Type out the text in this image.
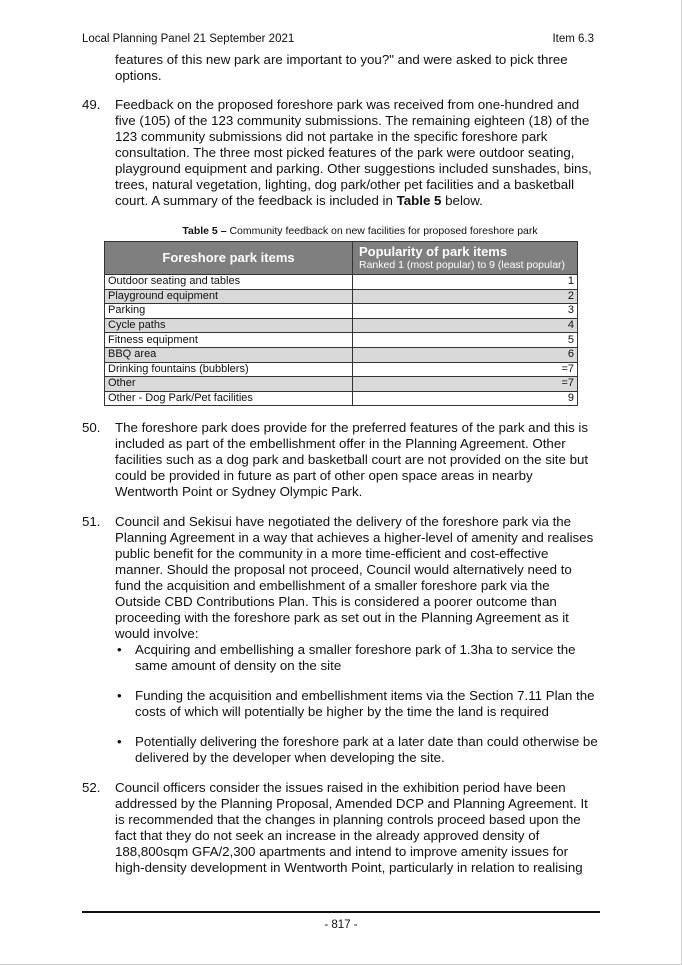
Local Planning Panel 21 September 2021	Item 6.3

features of this new park are important to you?" and were asked to pick three options.

49. Feedback on the proposed foreshore park was received from one-hundred and five (105) of the 123 community submissions. The remaining eighteen (18) of the 123 community submissions did not partake in the specific foreshore park consultation. The three most picked features of the park were outdoor seating, playground equipment and parking. Other suggestions included sunshades, bins, trees, natural vegetation, lighting, dog park/other pet facilities and a basketball court. A summary of the feedback is included in Table 5 below.

Table 5 – Community feedback on new facilities for proposed foreshore park
Foreshore park items	Popularity of park items
Ranked 1 (most popular) to 9 (least popular)

Outdoor seating and tables	1
Playground equipment	2
Parking	3
Cycle paths	4
Fitness equipment	5
BBQ area	6
Drinking fountains (bubblers)	=7
Other	=7
Other - Dog Park/Pet facilities	9

50. The foreshore park does provide for the preferred features of the park and this is included as part of the embellishment offer in the Planning Agreement. Other facilities such as a dog park and basketball court are not provided on the site but could be provided in future as part of other open space areas in nearby Wentworth Point or Sydney Olympic Park.

51. Council and Sekisui have negotiated the delivery of the foreshore park via the Planning Agreement in a way that achieves a higher-level of amenity and realises public benefit for the community in a more time-efficient and cost-effective manner. Should the proposal not proceed, Council would alternatively need to fund the acquisition and embellishment of a smaller foreshore park via the Outside CBD Contributions Plan. This is considered a poorer outcome than proceeding with the foreshore park as set out in the Planning Agreement as it would involve:

• Acquiring and embellishing a smaller foreshore park of 1.3ha to service the same amount of density on the site
• Funding the acquisition and embellishment items via the Section 7.11 Plan the costs of which will potentially be higher by the time the land is required
• Potentially delivering the foreshore park at a later date than could otherwise be delivered by the developer when developing the site.

52. Council officers consider the issues raised in the exhibition period have been addressed by the Planning Proposal, Amended DCP and Planning Agreement. It is recommended that the changes in planning controls proceed based upon the fact that they do not seek an increase in the already approved density of 188,800sqm GFA/2,300 apartments and intend to improve amenity issues for high-density development in Wentworth Point, particularly in relation to realising

- 817 -
